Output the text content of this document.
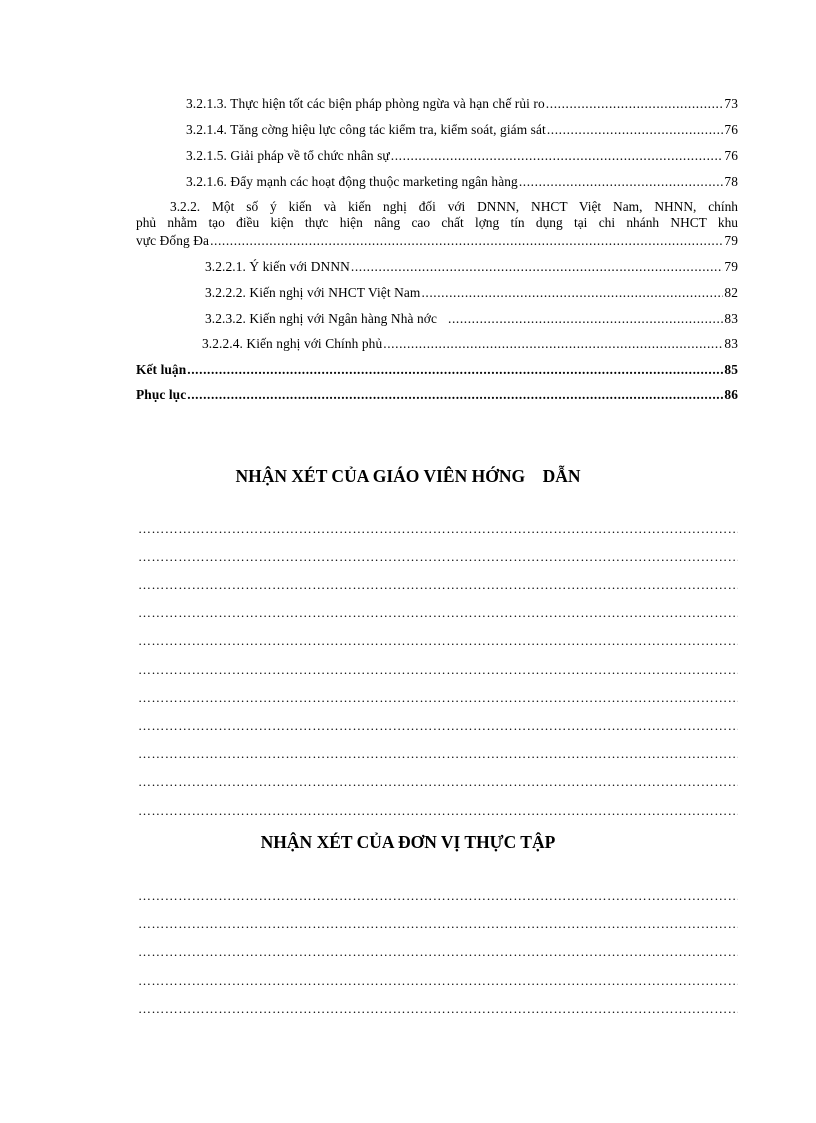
3.2.1.3. Thực hiện tốt các biện pháp phòng ngừa và hạn chế rủi ro .....	73
3.2.1.4. Tăng cờng hiệu lực công tác kiểm tra, kiểm soát, giám sát .....	76
3.2.1.5. Giải pháp về tổ chức nhân sự .....	76
3.2.1.6. Đẩy mạnh các hoạt động thuộc marketing ngân hàng .....	78
3.2.2. Một số ý kiến và kiến nghị đối với DNNN, NHCT Việt Nam, NHNN, chính
phủ nhằm tạo điều kiện thực hiện nâng cao chất lợng tín dụng tại chi nhánh NHCT khu
vực Đống Đa .....	79
3.2.2.1. Ý kiến với DNNN .....	79
3.2.2.2. Kiến nghị với NHCT Việt Nam .....	82
3.2.3.2. Kiến nghị với Ngân hàng Nhà nớc .....	83
3.2.2.4. Kiến nghị với Chính phủ .....	83
Kết luận .....	85
Phục lục .....	86
NHẬN XÉT CỦA GIÁO VIÊN HỚNG    DẪN
……………………………………………………………………………………………………………………………………………………………………
……………………………………………………………………………………………………………………………………………………………………
……………………………………………………………………………………………………………………………………………………………………
……………………………………………………………………………………………………………………………………………………………………
……………………………………………………………………………………………………………………………………………………………………
……………………………………………………………………………………………………………………………………………………………………
……………………………………………………………………………………………………………………………………………………………………
……………………………………………………………………………………………………………………………………………………………………
……………………………………………………………………………………………………………………………………………………………………
……………………………………………………………………………………………………………………………………………………………………
……………………………………………………………………………………………………………………………………………………………………
NHẬN XÉT CỦA ĐƠN VỊ THỰC TẬP
……………………………………………………………………………………………………………………………………………………………………
……………………………………………………………………………………………………………………………………………………………………
……………………………………………………………………………………………………………………………………………………………………
……………………………………………………………………………………………………………………………………………………………………
……………………………………………………………………………………………………………………………………………………………………
